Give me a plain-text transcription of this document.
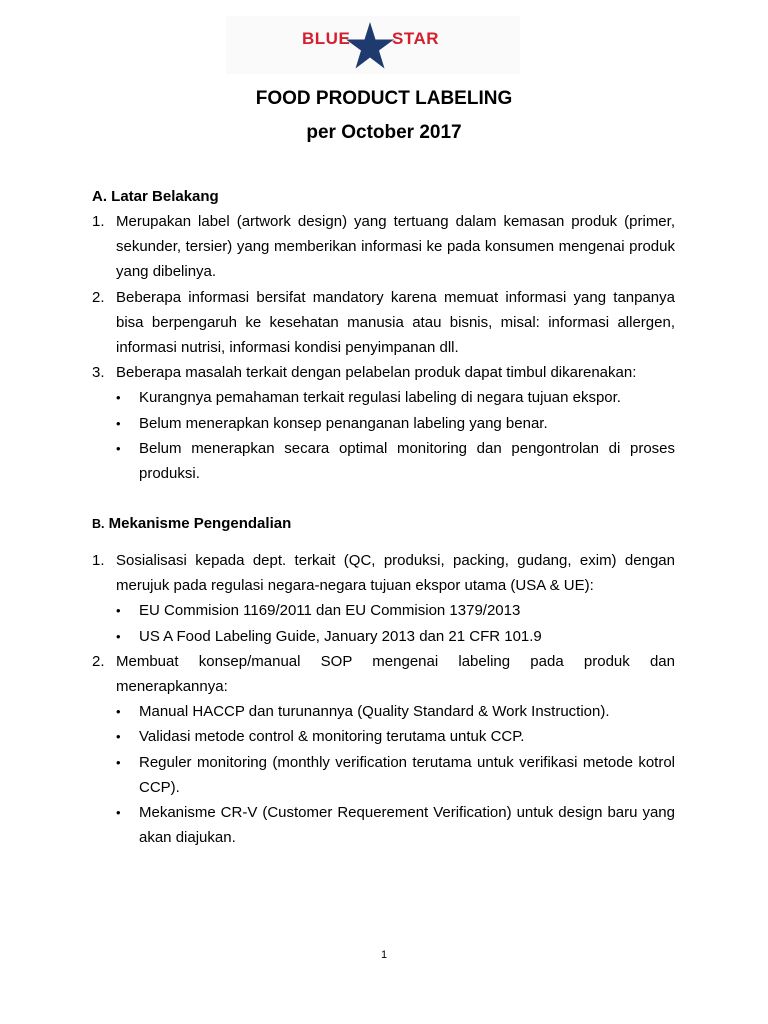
BLUE STAR
FOOD PRODUCT LABELING
per October 2017
A. Latar Belakang
1. Merupakan label (artwork design) yang tertuang dalam kemasan produk (primer, sekunder, tersier) yang memberikan informasi ke pada konsumen mengenai produk yang dibelinya.
2. Beberapa informasi bersifat mandatory karena memuat informasi yang tanpanya bisa berpengaruh ke kesehatan manusia atau bisnis, misal: informasi allergen, informasi nutrisi, informasi kondisi penyimpanan dll.
3. Beberapa masalah terkait dengan pelabelan produk dapat timbul dikarenakan:
• Kurangnya pemahaman terkait regulasi labeling di negara tujuan ekspor.
• Belum menerapkan konsep penanganan labeling yang benar.
• Belum menerapkan secara optimal monitoring dan pengontrolan di proses produksi.
B. Mekanisme Pengendalian
1. Sosialisasi kepada dept. terkait (QC, produksi, packing, gudang, exim) dengan merujuk pada regulasi negara-negara tujuan ekspor utama (USA & UE):
• EU Commision 1169/2011 dan EU Commision 1379/2013
• US A Food Labeling Guide, January 2013 dan 21 CFR 101.9
2. Membuat konsep/manual SOP mengenai labeling pada produk dan menerapkannya:
• Manual HACCP dan turunannya (Quality Standard & Work Instruction).
• Validasi metode control & monitoring terutama untuk CCP.
• Reguler monitoring (monthly verification terutama untuk verifikasi metode kotrol CCP).
• Mekanisme CR-V (Customer Requerement Verification) untuk design baru yang akan diajukan.
1
